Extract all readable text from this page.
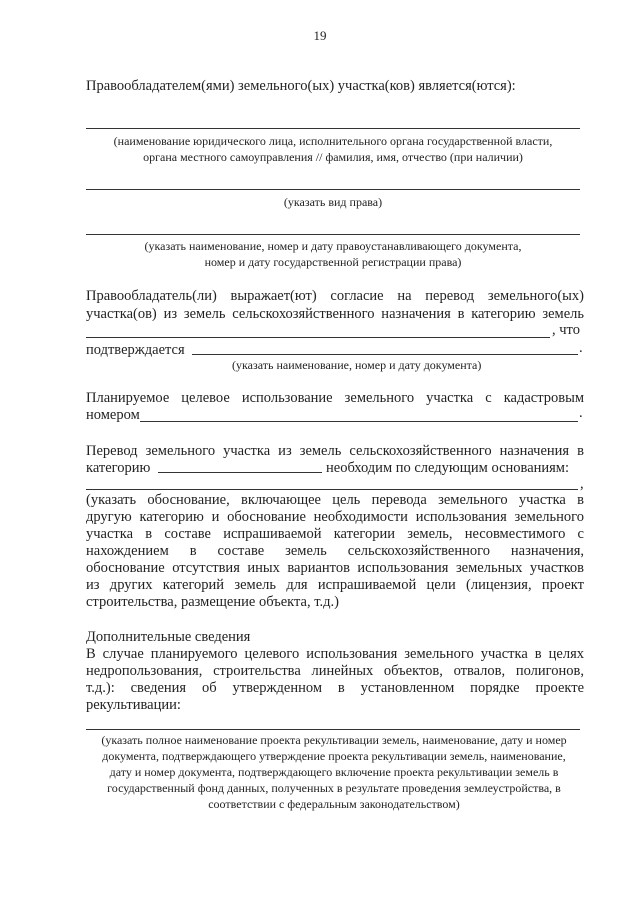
19
Правообладателем(ями) земельного(ых) участка(ков) является(ются):
(наименование юридического лица, исполнительного органа государственной власти,
органа местного самоуправления // фамилия, имя, отчество (при наличии)
(указать вид права)
(указать наименование, номер и дату правоустанавливающего документа,
номер и дату государственной регистрации права)
Правообладатель(ли) выражает(ют) согласие на перевод земельного(ых)
участка(ов) из земель сельскохозяйственного назначения в категорию земель
, что
подтверждается	.
(указать наименование, номер и дату документа)
Планируемое целевое использование земельного участка с кадастровым
номером	.
Перевод земельного участка из земель сельскохозяйственного назначения в
категорию	необходим по следующим основаниям:
,
(указать обоснование, включающее цель перевода земельного участка в
другую категорию и обоснование необходимости использования земельного
участка в составе испрашиваемой категории земель, несовместимого с
нахождением в составе земель сельскохозяйственного назначения,
обоснование отсутствия иных вариантов использования земельных участков
из других категорий земель для испрашиваемой цели (лицензия, проект
строительства, размещение объекта, т.д.)
Дополнительные сведения
В случае планируемого целевого использования земельного участка в целях
недропользования, строительства линейных объектов, отвалов, полигонов,
т.д.): сведения об утвержденном в установленном порядке проекте
рекультивации:
(указать полное наименование проекта рекультивации земель, наименование, дату и номер
документа, подтверждающего утверждение проекта рекультивации земель, наименование,
дату и номер документа, подтверждающего включение проекта рекультивации земель в
государственный фонд данных, полученных в результате проведения землеустройства, в
соответствии с федеральным законодательством)
